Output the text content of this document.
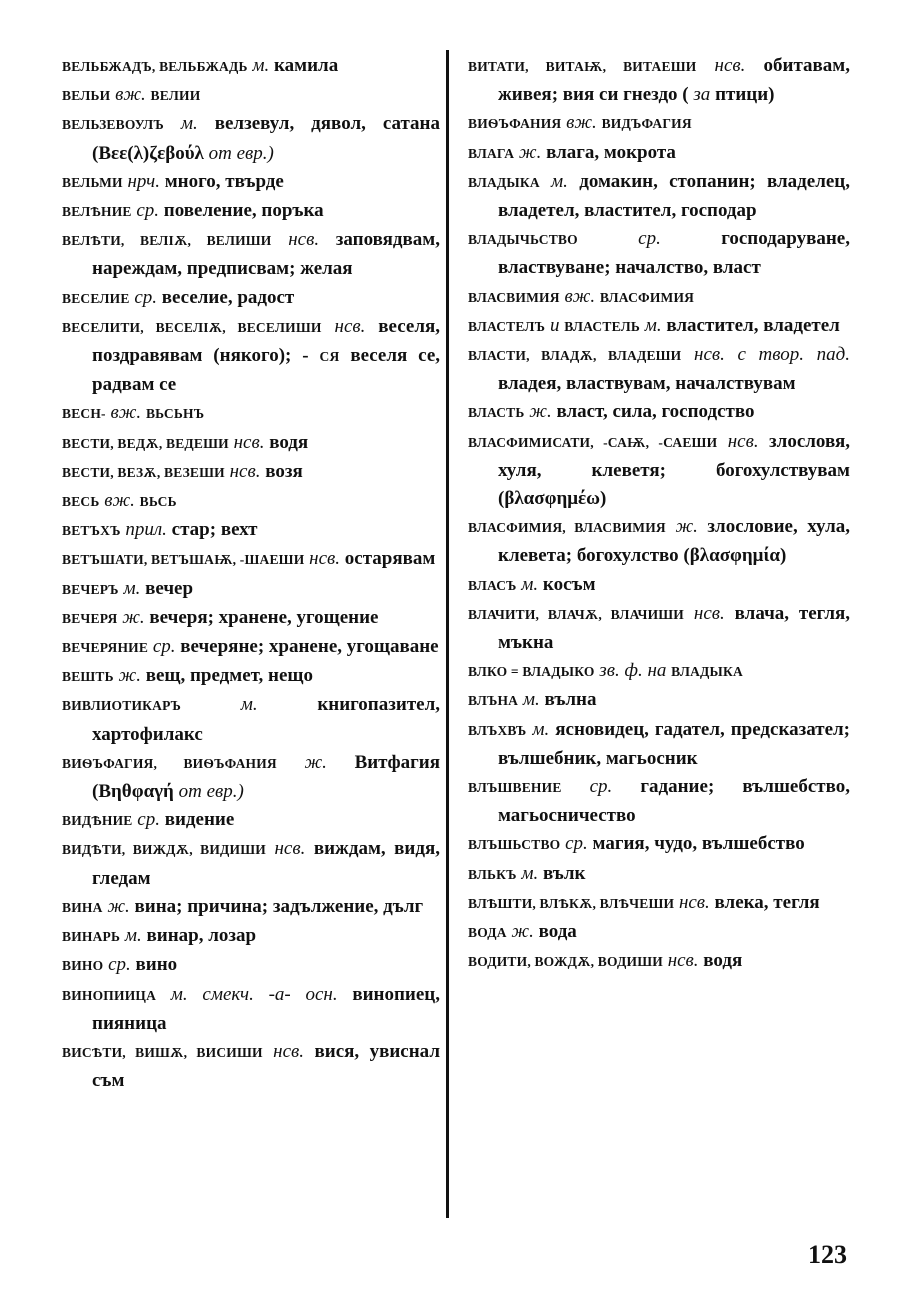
ВЕЛЬБЖАДЪ, ВЕЛЬБЖАДЬ м. камила
ВЕЛЬИ вж. ВЕЛИИ
ВЕЛЬЗЕВОУЛЪ м. велзевул, дявол, сатана (Βεε(λ)ζεβούλ от евр.)
ВЕЛЬМИ нрч. много, твърде
ВЕЛѢНИЕ ср. повеление, поръка
ВЕЛѢТИ, ВЕЛIѪ, ВЕЛИШИ нсв. заповядвам, нареждам, предписвам; желая
ВЕСЕЛИЕ ср. веселие, радост
ВЕСЕЛИТИ, ВЕСЕЛIѪ, ВЕСЕЛИШИ нсв. веселя, поздравявам (някого); - СЯ веселя се, радвам се
ВЕСН- вж. ВЬСЬНЪ
ВЕСТИ, ВЕДѪ, ВЕДЕШИ нсв. водя
ВЕСТИ, ВЕЗѪ, ВЕЗЕШИ нсв. возя
ВЕСЬ вж. ВЬСЬ
ВЕТЪХЪ прил. стар; вехт
ВЕТЪШАТИ, ВЕТЪШАѬ, -ШАЕШИ нсв. остарявам
ВЕЧЕРЪ м. вечер
ВЕЧЕРЯ ж. вечеря; хранене, угощение
ВЕЧЕРЯНИЕ ср. вечеряне; хранене, угощаване
ВЕШТЬ ж. вещ, предмет, нещо
ВИВЛИОТИКАРЪ	м.	книгопазител, хартофилакс
ВИѲЪФАГИЯ, ВИѲЪФАНИЯ ж. Витфагия (Βηθφαγή от евр.)
ВИДѢНИЕ ср. видение
ВИДѢТИ, ВИЖДѪ, ВИДИШИ нсв. виждам, видя, гледам
ВИНА ж. вина; причина; задължение, дълг
ВИНАРЬ м. винар, лозар
ВИНО ср. вино
ВИНОПИИЦА м. смекч. -а- осн. винопиец, пияница
ВИСѢТИ, ВИШѪ, ВИСИШИ нсв. вися, увиснал съм
ВИТАТИ, ВИТАѬ, ВИТАЕШИ нсв. обитавам, живея; вия си гнездо ( за птици)
ВИѲЪФАНИЯ вж. ВИДЪФАГИЯ
ВЛАГА ж. влага, мокрота
ВЛАДЫКА м. домакин, стопанин; владелец, владетел, властител, господар
ВЛАДЫЧЬСТВО	ср.	господаруване, властвуване; началство, власт
ВЛАСВИМИЯ вж. ВЛАСФИМИЯ
ВЛАСТЕЛЪ и ВЛАСТЕЛЬ м. властител, владетел
ВЛАСТИ, ВЛАДѪ, ВЛАДЕШИ нсв. с твор. пад. владея, властвувам, началствувам
ВЛАСТЬ ж. власт, сила, господство
ВЛАСФИМИСАТИ, -САѬ, -САЕШИ нсв. злословя, хуля, клеветя; богохулствувам (βλασφημέω)
ВЛАСФИМИЯ, ВЛАСВИМИЯ ж. злословие, хула, клевета; богохулство (βλασφημία)
ВЛАСЪ м. косъм
ВЛАЧИТИ, ВЛАЧѪ, ВЛАЧИШИ нсв. влача, тегля, мъкна
ВЛКО = ВЛАДЫКО зв. ф. на ВЛАДЫКА
ВЛЪНА м. вълна
ВЛЪХВЪ м. ясновидец, гадател, предсказател; вълшебник, магьосник
ВЛЪШВЕНИЕ ср. гадание; вълшебство, магьосничество
ВЛЪШЬСТВО ср. магия, чудо, вълшебство
ВЛЬКЪ м. вълк
ВЛѢШТИ, ВЛѢКѪ, ВЛѢЧЕШИ нсв. влека, тегля
ВОДА ж. вода
ВОДИТИ, ВОЖДѪ, ВОДИШИ нсв. водя
123
